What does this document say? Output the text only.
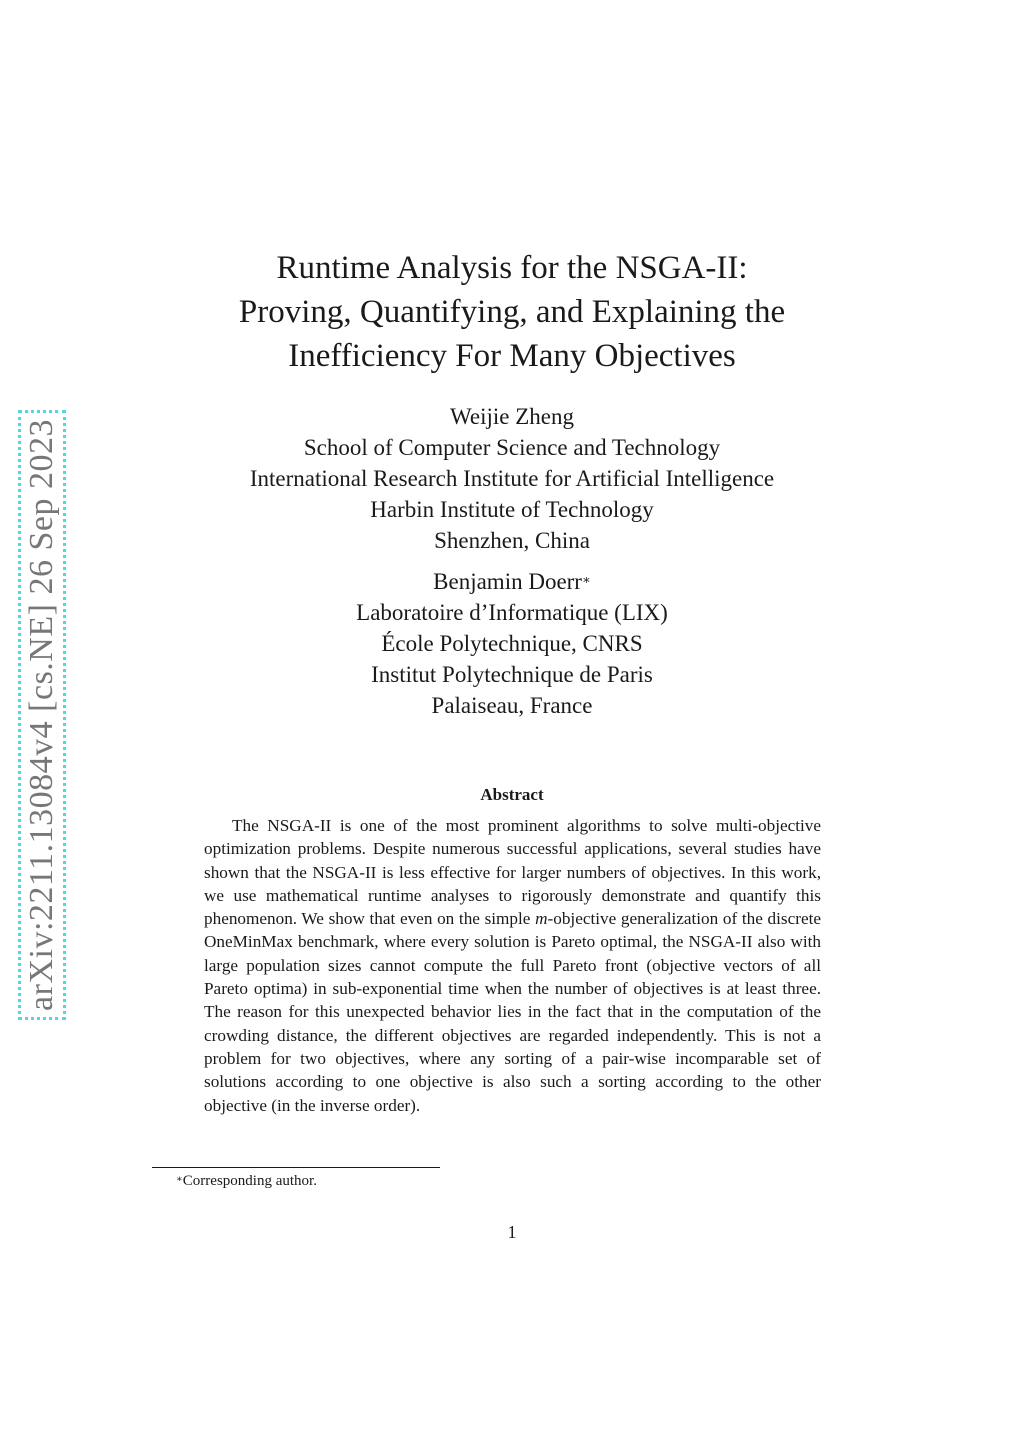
arXiv:2211.13084v4 [cs.NE] 26 Sep 2023
Runtime Analysis for the NSGA-II:
Proving, Quantifying, and Explaining the
Inefficiency For Many Objectives
Weijie Zheng
School of Computer Science and Technology
International Research Institute for Artificial Intelligence
Harbin Institute of Technology
Shenzhen, China
Benjamin Doerr∗
Laboratoire d’Informatique (LIX)
École Polytechnique, CNRS
Institut Polytechnique de Paris
Palaiseau, France
Abstract
The NSGA-II is one of the most prominent algorithms to solve multi-objective optimization problems. Despite numerous successful applications, several studies have shown that the NSGA-II is less effective for larger numbers of objectives. In this work, we use mathematical runtime analyses to rigorously demonstrate and quantify this phenomenon. We show that even on the simple m-objective generalization of the discrete OneMinMax benchmark, where every solution is Pareto optimal, the NSGA-II also with large population sizes cannot compute the full Pareto front (objective vectors of all Pareto optima) in sub-exponential time when the number of objectives is at least three. The reason for this unexpected behavior lies in the fact that in the computation of the crowding distance, the different objectives are regarded independently. This is not a problem for two objectives, where any sorting of a pair-wise incomparable set of solutions according to one objective is also such a sorting according to the other objective (in the inverse order).
∗Corresponding author.
1
